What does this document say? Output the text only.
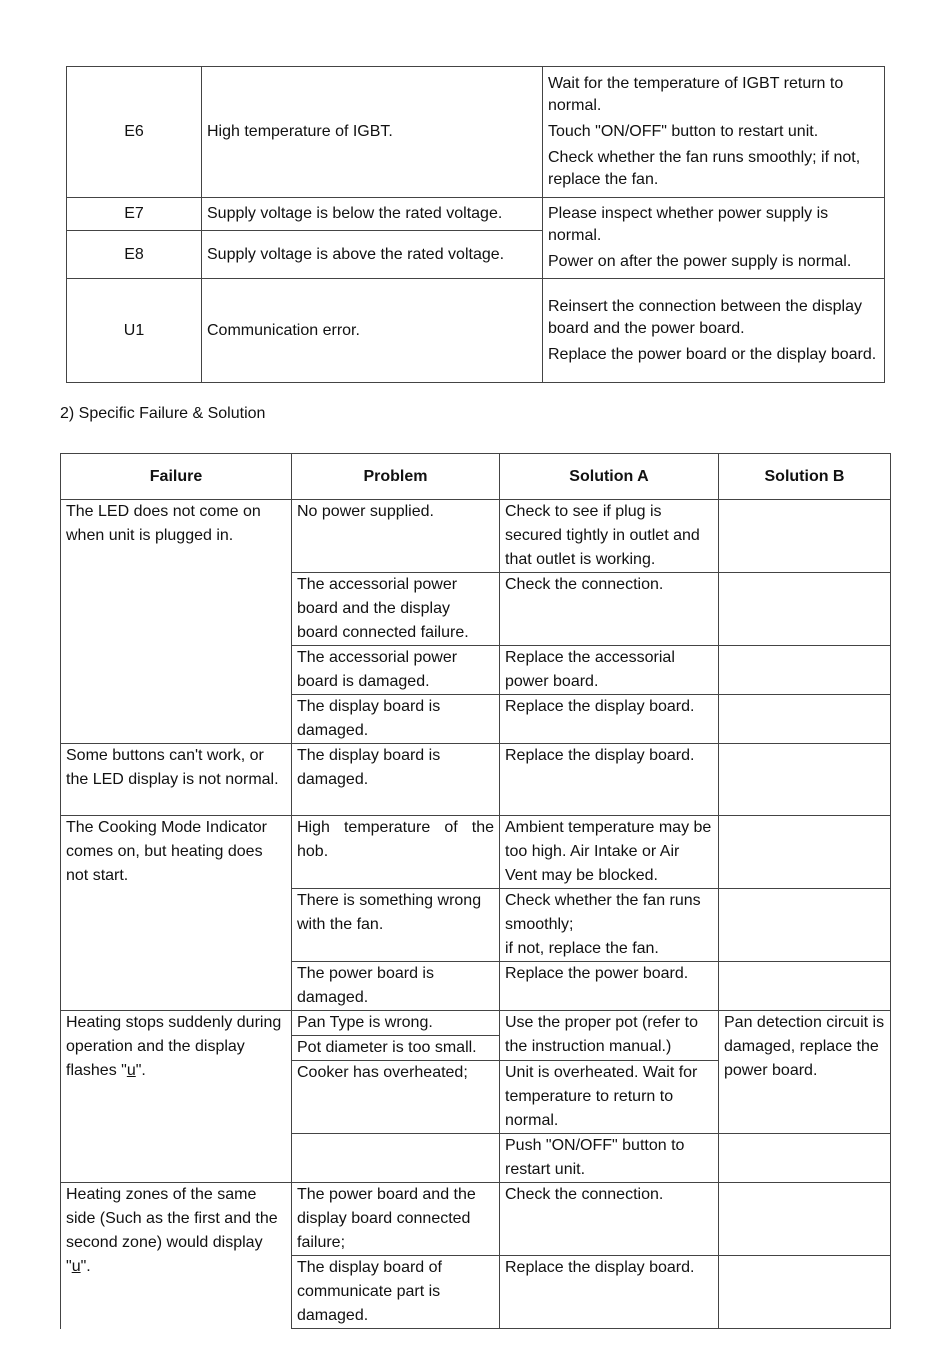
E6	High temperature of IGBT.	Wait for the temperature of IGBT return to normal.

Touch "ON/OFF" button to restart unit.

Check whether the fan runs smoothly; if not, replace the fan.

E7	Supply voltage is below the rated voltage.	Please inspect whether power supply is normal.

Power on after the power supply is normal.

E8	Supply voltage is above the rated voltage.	
U1	Communication error.	Reinsert the connection between the display board and the power board.

Replace the power board or the display board.

2) Specific Failure & Solution
Failure	Problem	Solution A	Solution B
The LED does not come on when unit is plugged in.	No power supplied.	Check to see if plug is secured tightly in outlet and that outlet is working.	
	The accessorial power board and the display board connected failure.	Check the connection.	
	The accessorial power board is damaged.	Replace the accessorial power board.	
	The display board is damaged.	Replace the display board.	
Some buttons can't work, or the LED display is not normal.	The display board is damaged.	Replace the display board.	
The Cooking Mode Indicator comes on, but heating does not start.	High temperature of the hob.	Ambient temperature may be too high. Air Intake or Air Vent may be blocked.	
	There is something wrong with the fan.	Check whether the fan runs smoothly;
if not, replace the fan.	

	The power board is damaged.	Replace the power board.	
Heating stops suddenly during operation and the display flashes "u".	Pan Type is wrong.	Use the proper pot (refer to the instruction manual.)	Pan detection circuit is damaged, replace the power board.
	Pot diameter is too small.		
	Cooker has overheated;	Unit is overheated. Wait for temperature to return to normal.	
		Push "ON/OFF" button to restart unit.	
Heating zones of the same side (Such as the first and the second zone) would display "u".	The power board and the display board connected failure;	Check the connection.	
	The display board of communicate part is damaged.	Replace the display board.	
